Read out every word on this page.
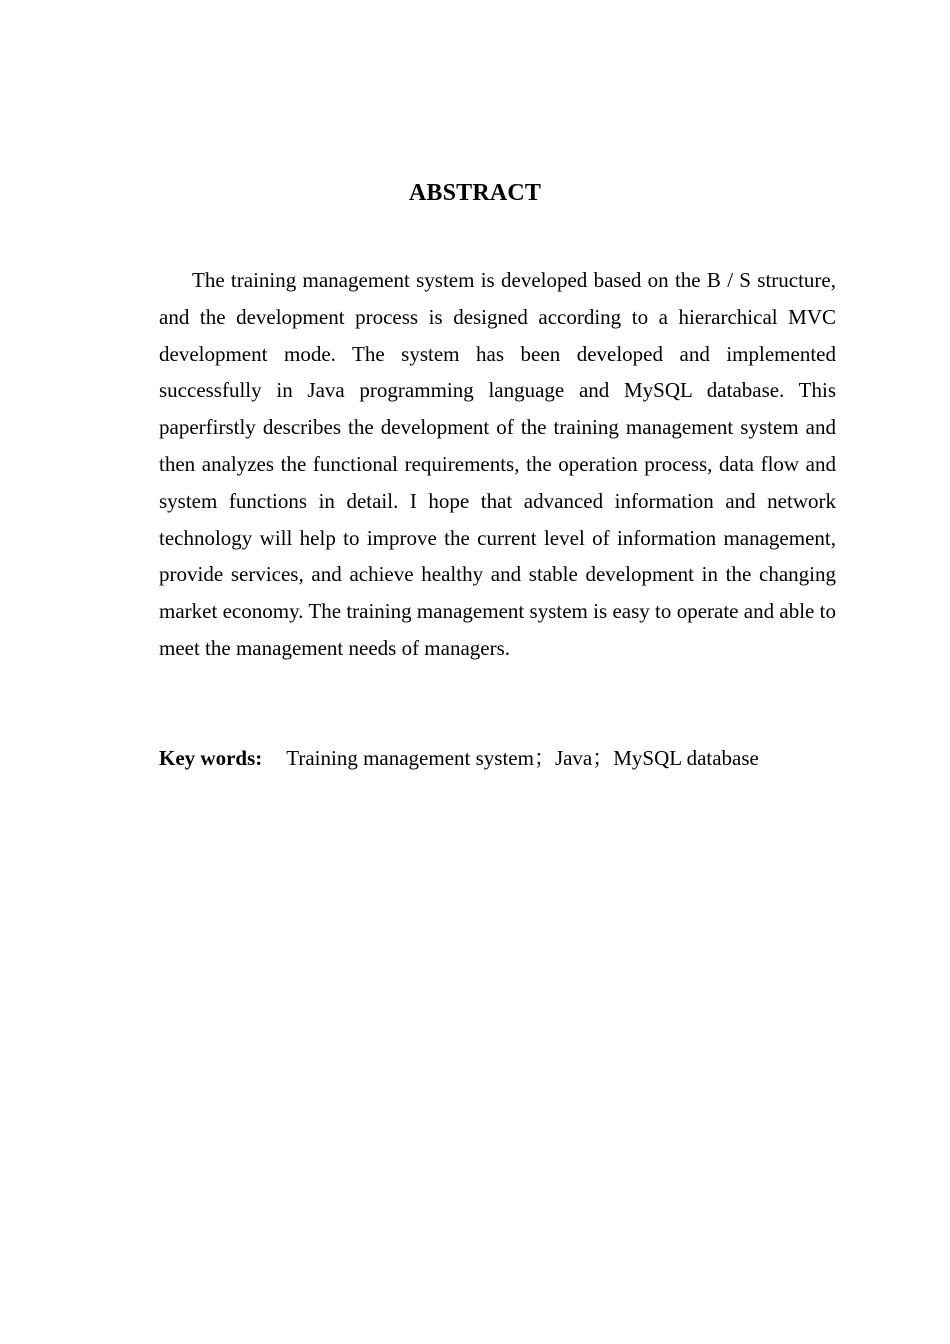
ABSTRACT

The training management system is developed based on the B / S structure, and the development process is designed according to a hierarchical MVC development mode. The system has been developed and implemented successfully in Java programming language and MySQL database. This paperfirstly describes the development of the training management system and then analyzes the functional requirements, the operation process, data flow and system functions in detail. I hope that advanced information and network technology will help to improve the current level of information management, provide services, and achieve healthy and stable development in the changing market economy. The training management system is easy to operate and able to meet the management needs of managers.

Key words: Training management system；Java；MySQL database
